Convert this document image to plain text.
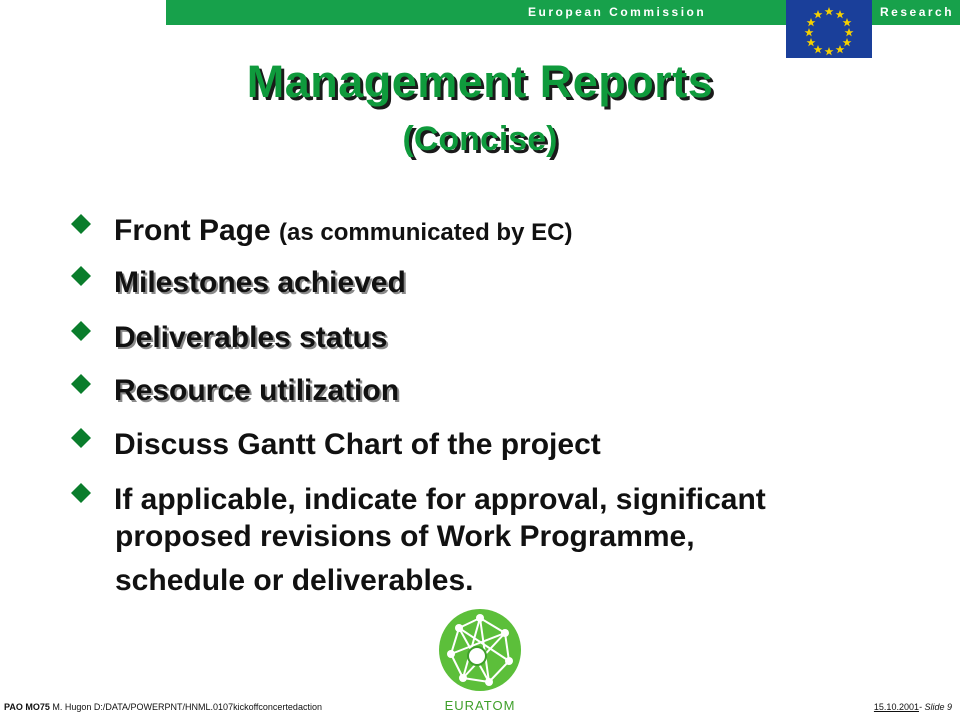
European Commission	Research
Management Reports
(Concise)
Front Page (as communicated by EC)
Milestones achieved
Deliverables status
Resource utilization
Discuss Gantt Chart of the project
If applicable, indicate for approval, significant
proposed revisions of Work Programme,
schedule or deliverables.
EURATOM
PAO MO75 M. Hugon D:/DATA/POWERPNT/HNML.0107kickoffconcertedaction	15.10.2001- Slide 9
